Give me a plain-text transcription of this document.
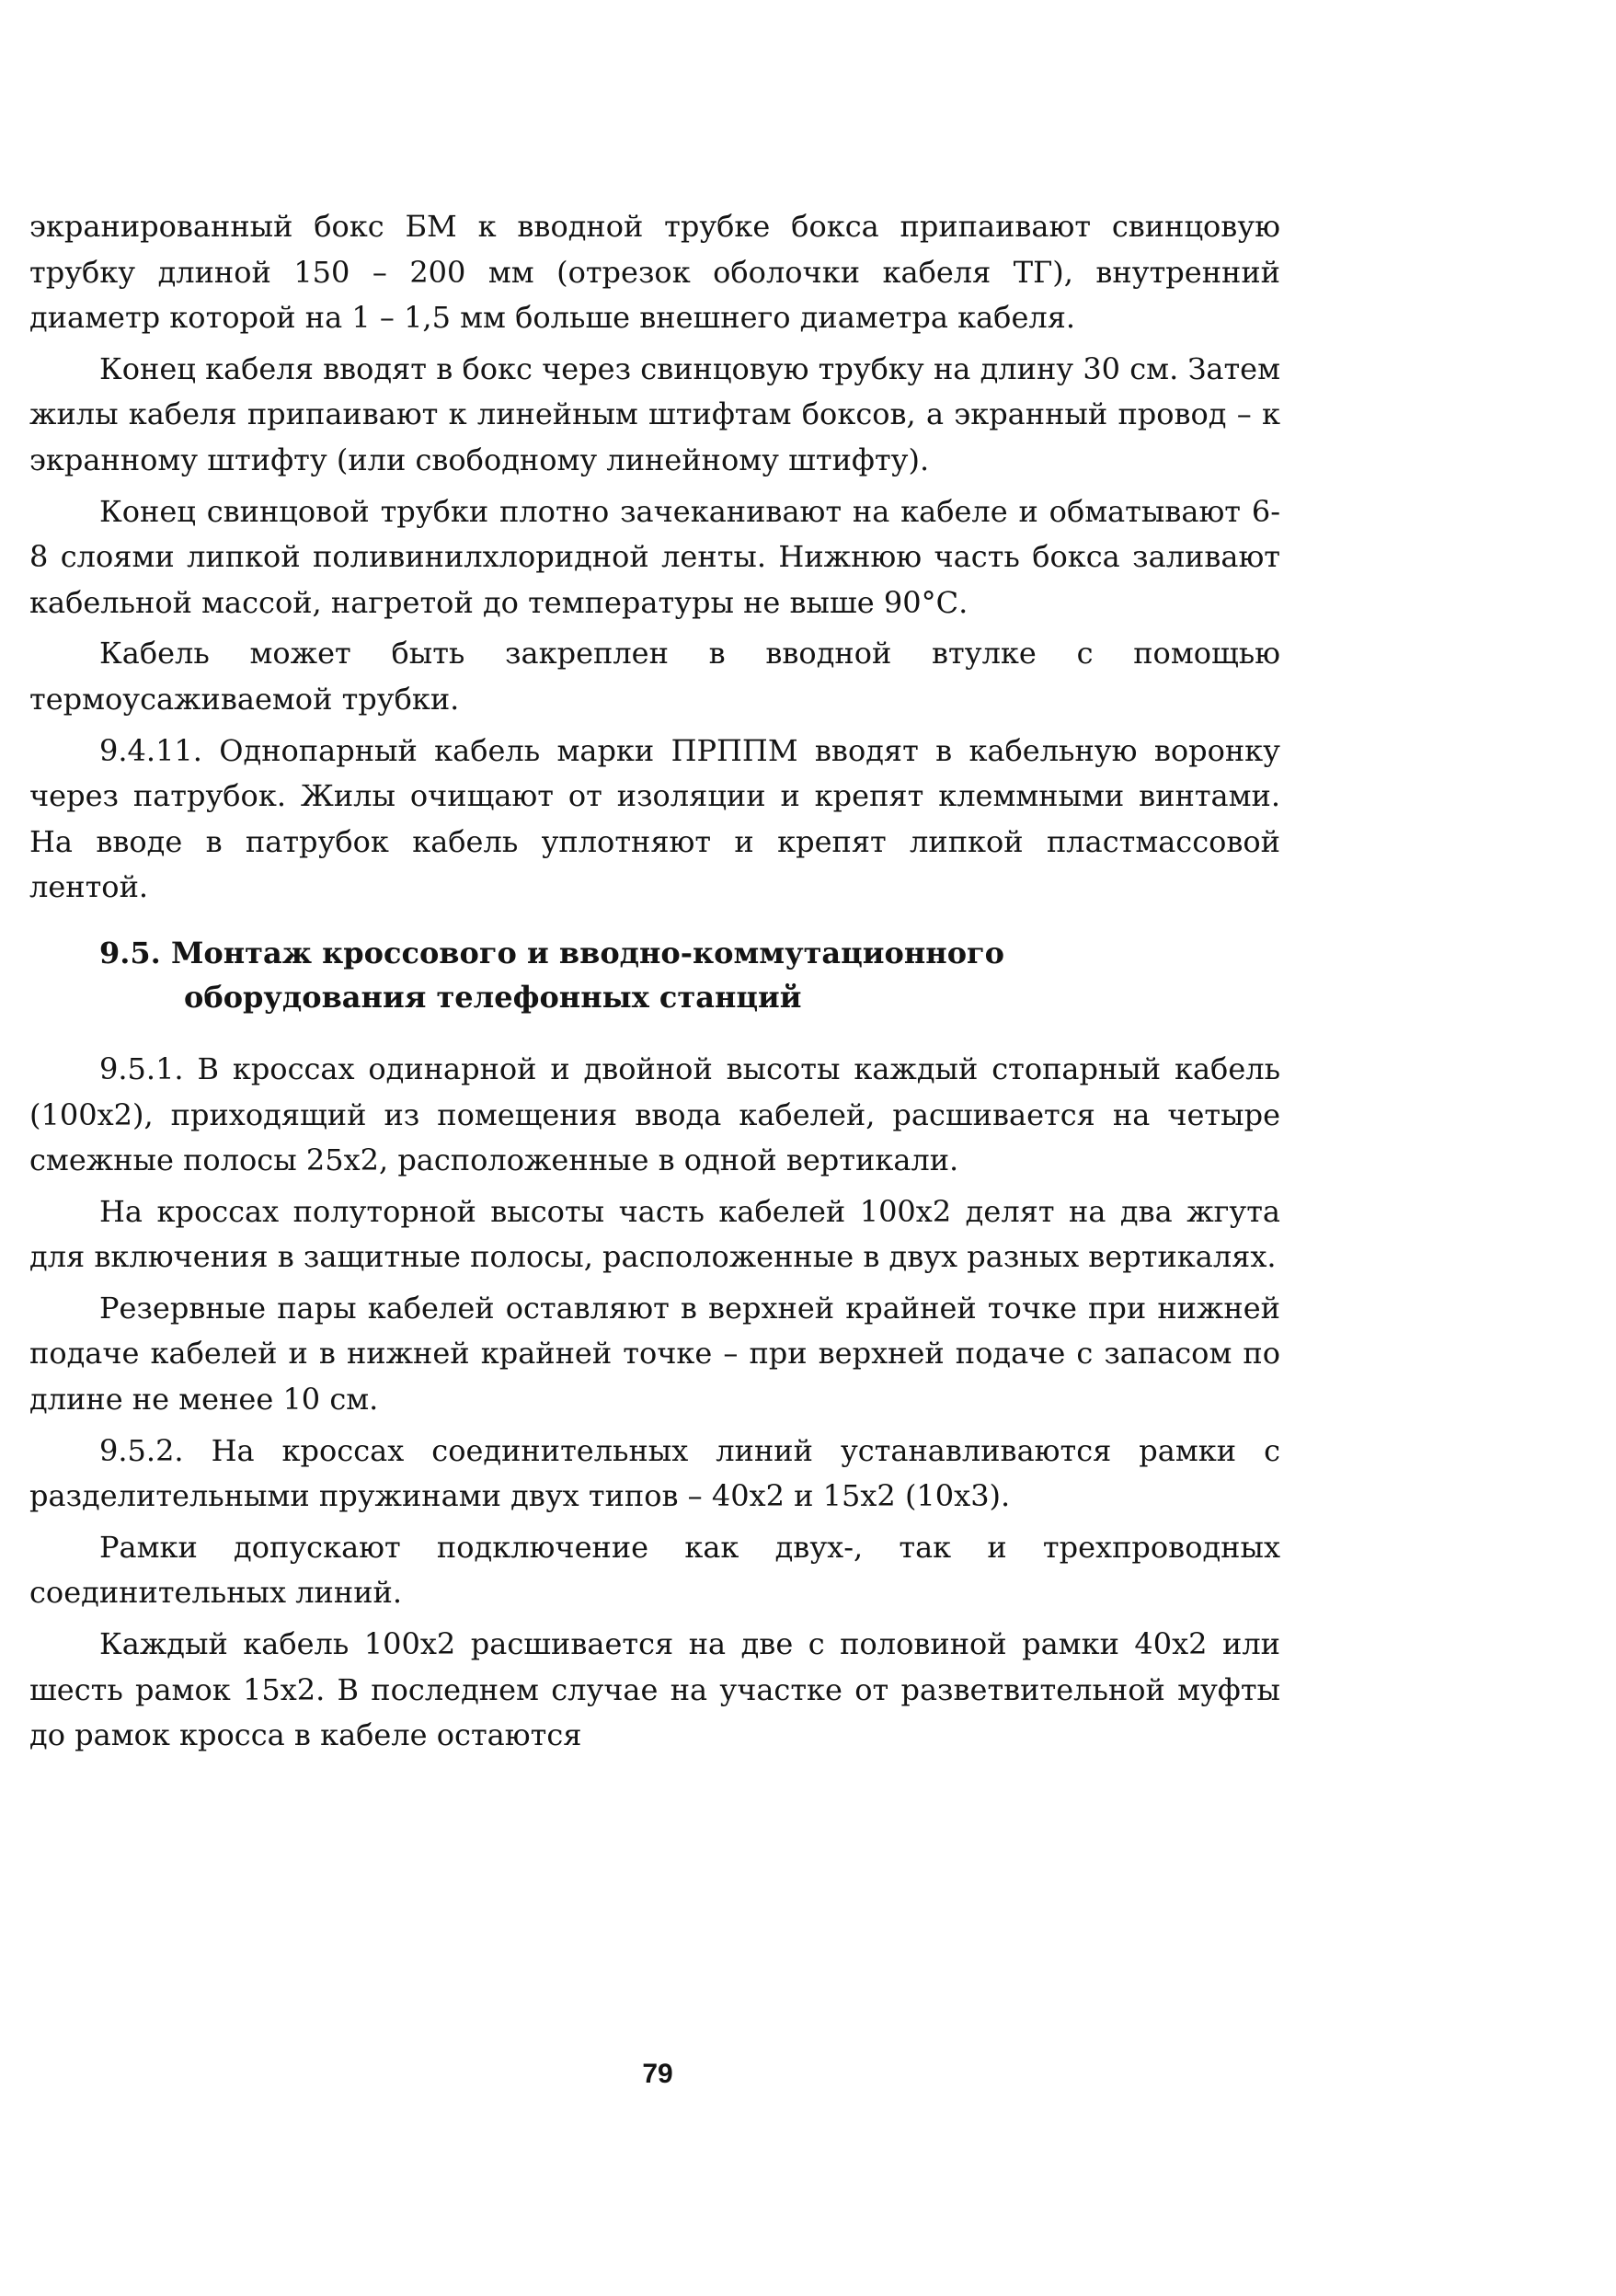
экранированный бокс БМ к вводной трубке бокса припаивают свинцовую трубку длиной 150 – 200 мм (отрезок оболочки кабеля ТГ), внутренний диаметр которой на 1 – 1,5 мм больше внешнего диаметра кабеля.

Конец кабеля вводят в бокс через свинцовую трубку на длину 30 см. Затем жилы кабеля припаивают к линейным штифтам боксов, а экранный провод – к экранному штифту (или свободному линейному штифту).

Конец свинцовой трубки плотно зачеканивают на кабеле и обматывают 6-8 слоями липкой поливинилхлоридной ленты. Нижнюю часть бокса заливают кабельной массой, нагретой до температуры не выше 90°С.

Кабель может быть закреплен в вводной втулке с помощью термоусаживаемой трубки.

9.4.11. Однопарный кабель марки ПРППМ вводят в кабельную воронку через патрубок. Жилы очищают от изоляции и крепят клеммными винтами. На вводе в патрубок кабель уплотняют и крепят липкой пластмассовой лентой.

9.5. Монтаж кроссового и вводно-коммутационного
оборудования телефонных станций

9.5.1. В кроссах одинарной и двойной высоты каждый стопарный кабель (100х2), приходящий из помещения ввода кабелей, расшивается на четыре смежные полосы 25х2, расположенные в одной вертикали.

На кроссах полуторной высоты часть кабелей 100х2 делят на два жгута для включения в защитные полосы, расположенные в двух разных вертикалях.

Резервные пары кабелей оставляют в верхней крайней точке при нижней подаче кабелей и в нижней крайней точке – при верхней подаче с запасом по длине не менее 10 см.

9.5.2. На кроссах соединительных линий устанавливаются рамки с разделительными пружинами двух типов – 40х2 и 15х2 (10х3).

Рамки допускают подключение как двух-, так и трехпроводных соединительных линий.

Каждый кабель 100х2 расшивается на две с половиной рамки 40х2 или шесть рамок 15х2. В последнем случае на участке от разветвительной муфты до рамок кросса в кабеле остаются

79
